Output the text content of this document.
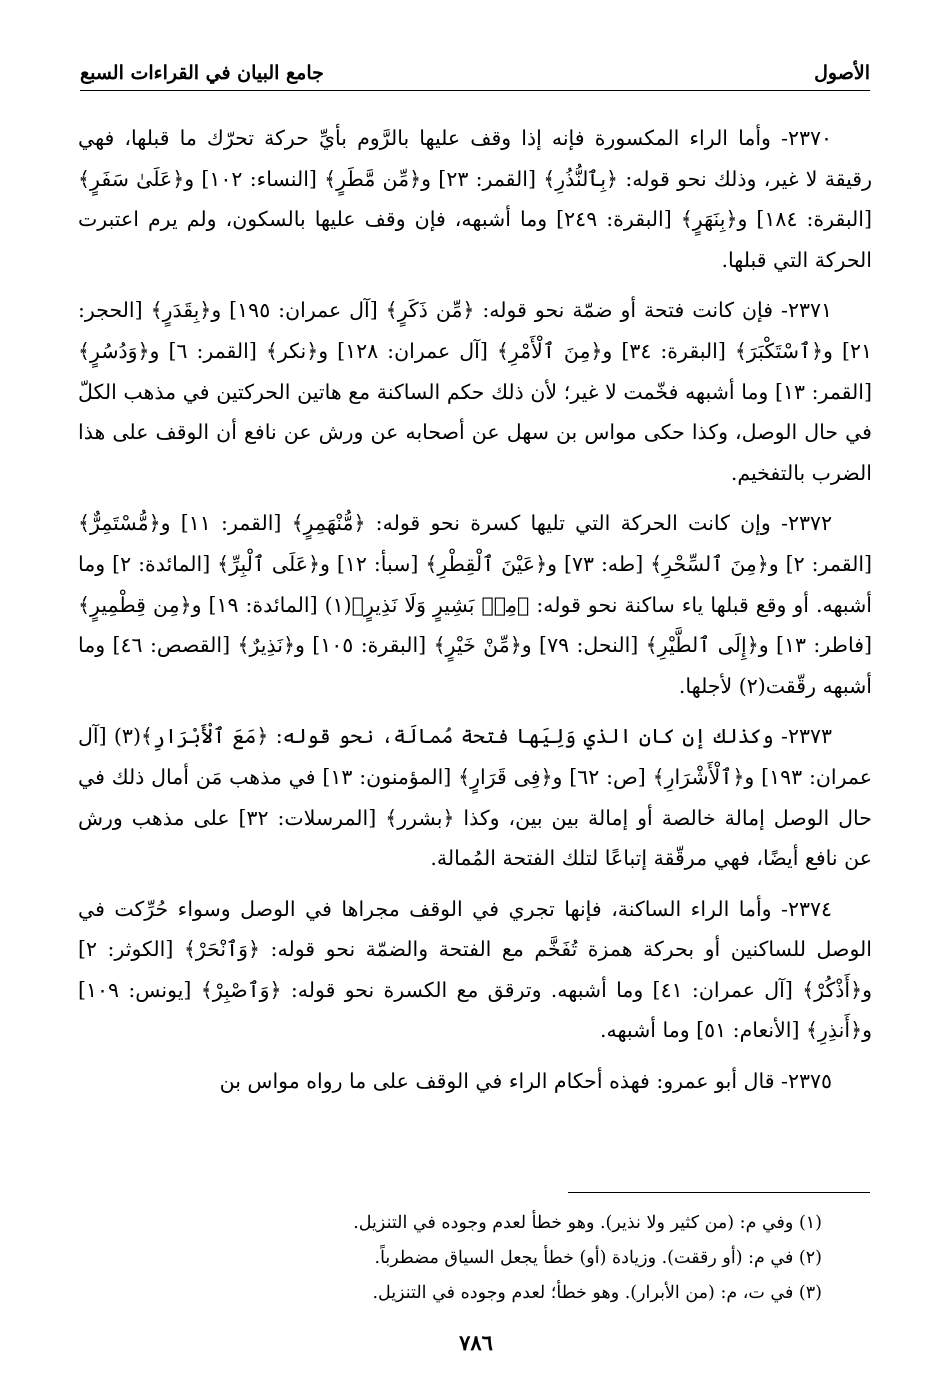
الأصول
جامع البيان في القراءات السبع

٢٣٧٠- وأما الراء المكسورة فإنه إذا وقف عليها بالرَّوم بأيِّ حركة تحرّك ما قبلها، فهي رقيقة لا غير، وذلك نحو قوله: ﴿بِٱلنُّذُرِ﴾ [القمر: ٢٣] و﴿مِّن مَّطَرٍ﴾ [النساء: ١٠٢] و﴿عَلَىٰ سَفَرٍ﴾ [البقرة: ١٨٤] و﴿بِنَهَرٍ﴾ [البقرة: ٢٤٩] وما أشبهه، فإن وقف عليها بالسكون، ولم يرم اعتبرت الحركة التي قبلها.

٢٣٧١- فإن كانت فتحة أو ضمّة نحو قوله: ﴿مِّن ذَكَرٍ﴾ [آل عمران: ١٩٥] و﴿بِقَدَرٍ﴾ [الحجر: ٢١] و﴿ٱسْتَكْبَرَ﴾ [البقرة: ٣٤] و﴿مِنَ ٱلْأَمْرِ﴾ [آل عمران: ١٢٨] و﴿نكر﴾ [القمر: ٦] و﴿وَدُسُرٍ﴾ [القمر: ١٣] وما أشبهه فخّمت لا غير؛ لأن ذلك حكم الساكنة مع هاتين الحركتين في مذهب الكلّ في حال الوصل، وكذا حكى مواس بن سهل عن أصحابه عن ورش عن نافع أن الوقف على هذا الضرب بالتفخيم.

٢٣٧٢- وإن كانت الحركة التي تليها كسرة نحو قوله: ﴿مُّنْهَمِرٍ﴾ [القمر: ١١] و﴿مُّسْتَمِرٌّ﴾ [القمر: ٢] و﴿مِنَ ٱلسِّحْرِ﴾ [طه: ٧٣] و﴿عَيْنَ ٱلْقِطْرِ﴾ [سبأ: ١٢] و﴿عَلَى ٱلْبِرِّ﴾ [المائدة: ٢] وما أشبهه. أو وقع قبلها ياء ساكنة نحو قوله: ﴿مِنۢ بَشِيرٍ وَلَا نَذِيرٍ﴾(١) [المائدة: ١٩] و﴿مِن قِطْمِيرٍ﴾ [فاطر: ١٣] و﴿إِلَى ٱلطَّيْرِ﴾ [النحل: ٧٩] و﴿مِّنْ خَيْرٍ﴾ [البقرة: ١٠٥] و﴿نَذِيرٌ﴾ [القصص: ٤٦] وما أشبهه رقّقت(٢) لأجلها.

٢٣٧٣- وكذلك إن كان الذي وَلِيَها فتحة مُمالَة، نحو قوله: ﴿مَعَ ٱلْأَبْرَارِ﴾(٣) [آل عمران: ١٩٣] و﴿ٱلْأَشْرَارِ﴾ [ص: ٦٢] و﴿فِى قَرَارٍ﴾ [المؤمنون: ١٣] في مذهب مَن أمال ذلك في حال الوصل إمالة خالصة أو إمالة بين بين، وكذا ﴿بشرر﴾ [المرسلات: ٣٢] على مذهب ورش عن نافع أيضًا، فهي مرقّقة إتباعًا لتلك الفتحة المُمالة.

٢٣٧٤- وأما الراء الساكنة، فإنها تجري في الوقف مجراها في الوصل وسواء حُرِّكت في الوصل للساكنين أو بحركة همزة تُفَخَّم مع الفتحة والضمّة نحو قوله: ﴿وَٱنْحَرْ﴾ [الكوثر: ٢] و﴿أَذْكُرْ﴾ [آل عمران: ٤١] وما أشبهه. وترقق مع الكسرة نحو قوله: ﴿وَٱصْبِرْ﴾ [يونس: ١٠٩] و﴿أَنذِرِ﴾ [الأنعام: ٥١] وما أشبهه.

٢٣٧٥- قال أبو عمرو: فهذه أحكام الراء في الوقف على ما رواه مواس بن

(١) وفي م: (من كثير ولا نذير). وهو خطأ لعدم وجوده في التنزيل.

(٢) في م: (أو رققت). وزيادة (أو) خطأ يجعل السياق مضطرباً.

(٣) في ت، م: (من الأبرار). وهو خطأ؛ لعدم وجوده في التنزيل.

٧٨٦
